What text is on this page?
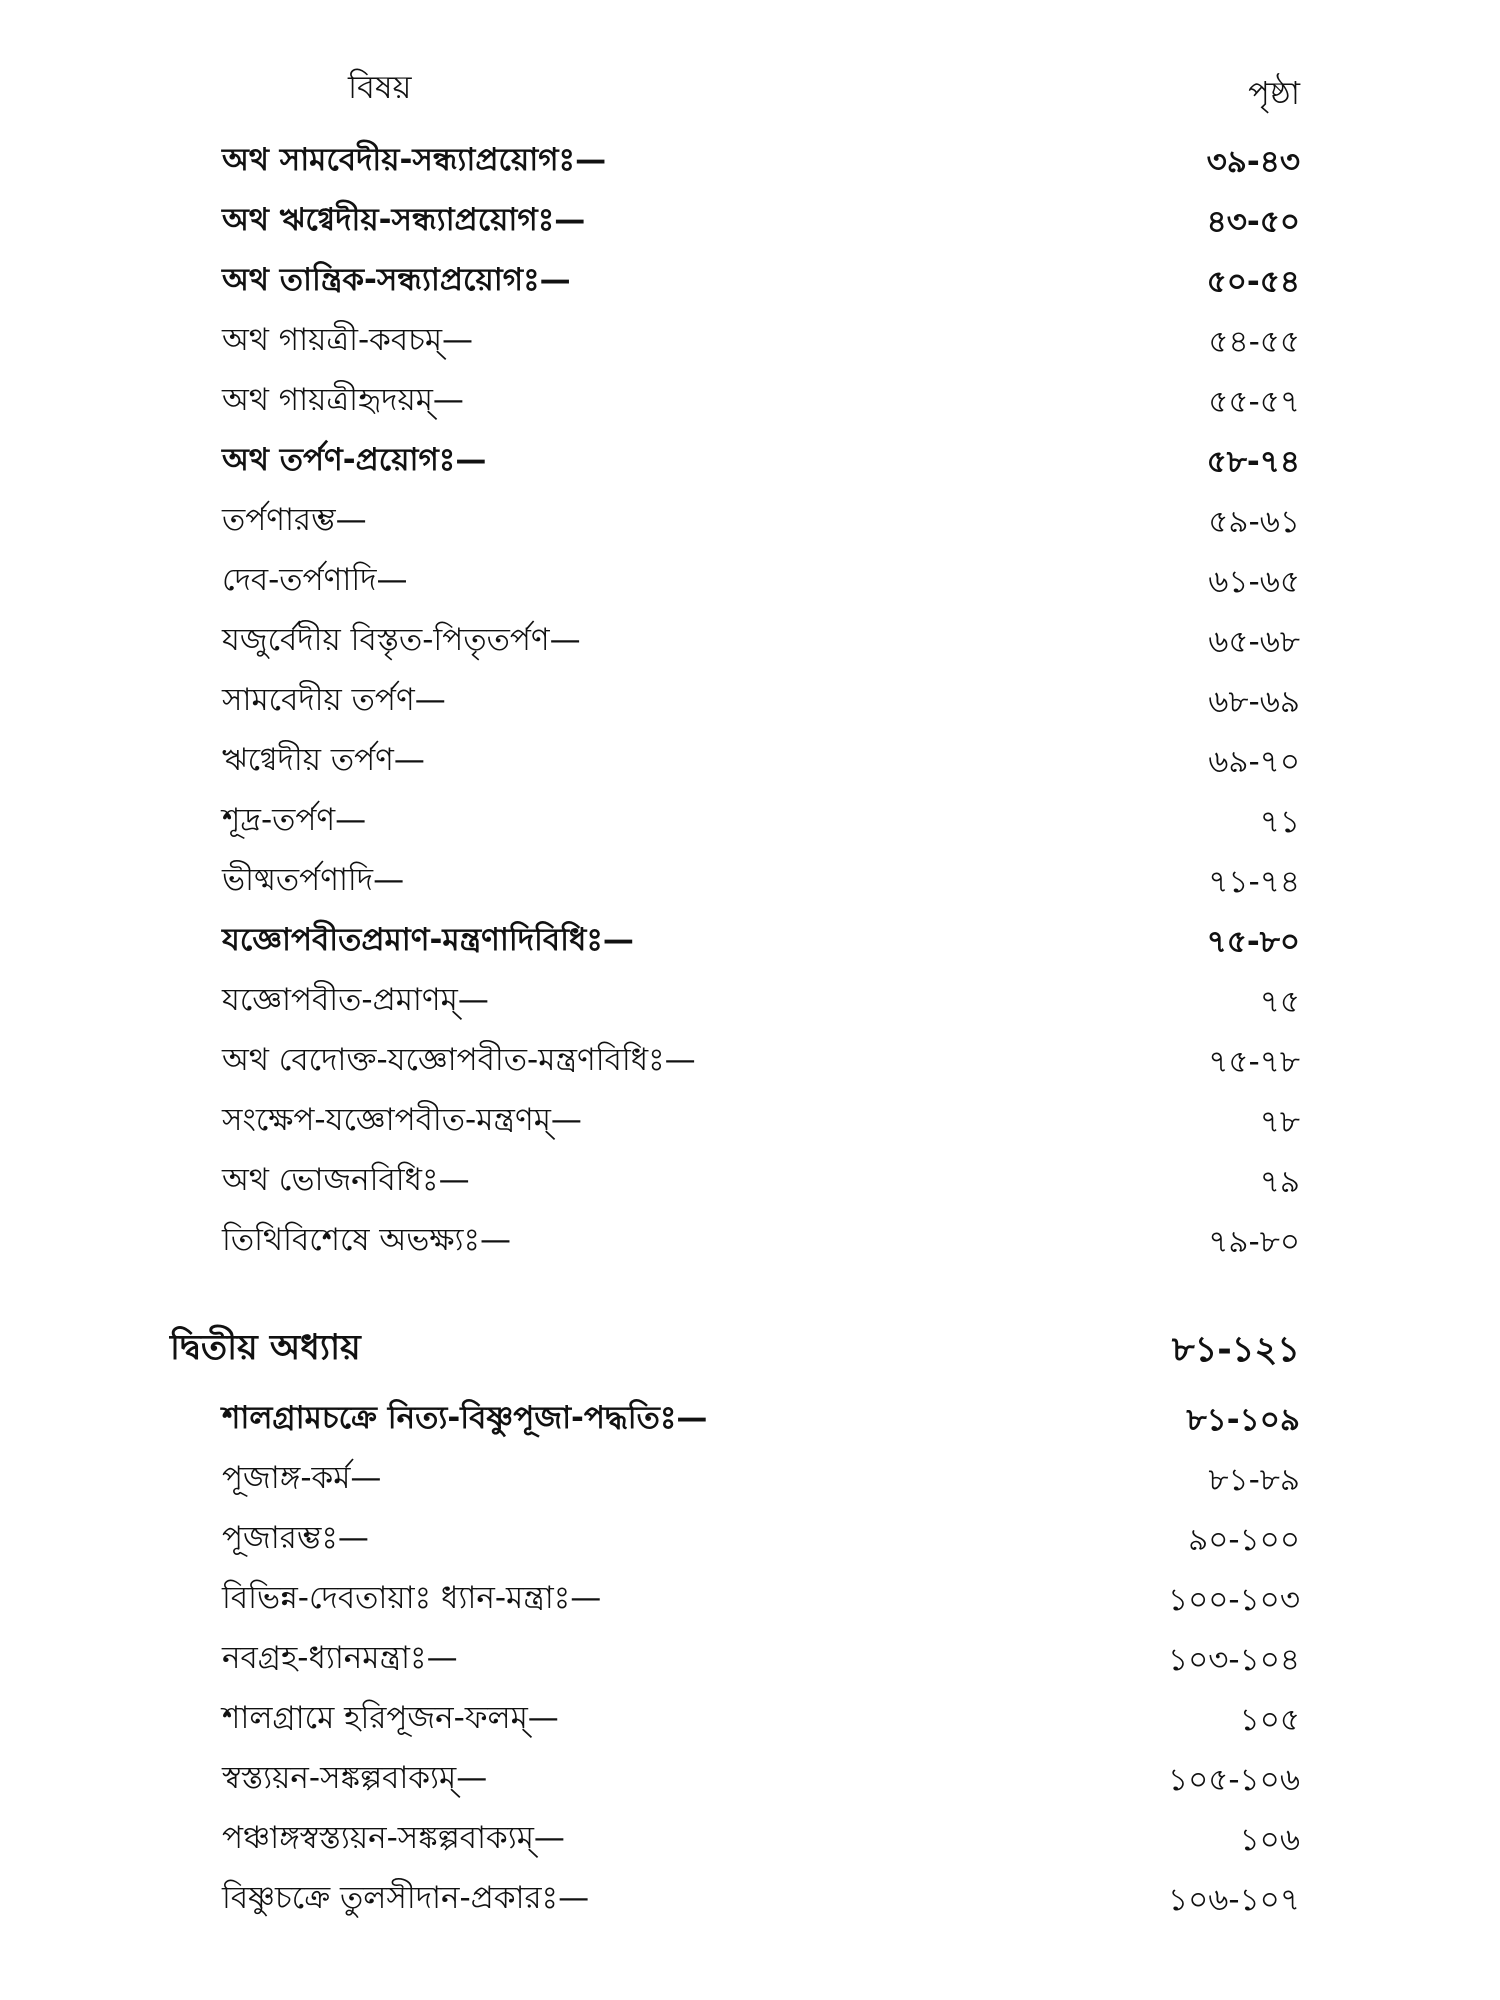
বিষয়	পৃষ্ঠা
অথ সামবেদীয়-সন্ধ্যাপ্রয়োগঃ—	৩৯-৪৩
অথ ঋগ্বেদীয়-সন্ধ্যাপ্রয়োগঃ—	৪৩-৫০
অথ তান্ত্রিক-সন্ধ্যাপ্রয়োগঃ—	৫০-৫৪
অথ গায়ত্রী-কবচম্—	৫৪-৫৫
অথ গায়ত্রীহৃদয়ম্—	৫৫-৫৭
অথ তর্পণ-প্রয়োগঃ—	৫৮-৭৪
তর্পণারম্ভ—	৫৯-৬১
দেব-তর্পণাদি—	৬১-৬৫
যজুর্বেদীয় বিস্তৃত-পিতৃতর্পণ—	৬৫-৬৮
সামবেদীয় তর্পণ—	৬৮-৬৯
ঋগ্বেদীয় তর্পণ—	৬৯-৭০
শূদ্র-তর্পণ—	৭১
ভীষ্মতর্পণাদি—	৭১-৭৪
যজ্ঞোপবীতপ্রমাণ-মন্ত্রণাদিবিধিঃ—	৭৫-৮০
যজ্ঞোপবীত-প্রমাণম্—	৭৫
অথ বেদোক্ত-যজ্ঞোপবীত-মন্ত্রণবিধিঃ—	৭৫-৭৮
সংক্ষেপ-যজ্ঞোপবীত-মন্ত্রণম্—	৭৮
অথ ভোজনবিধিঃ—	৭৯
তিথিবিশেষে অভক্ষ্যঃ—	৭৯-৮০
দ্বিতীয় অধ্যায়	৮১-১২১
শালগ্রামচক্রে নিত্য-বিষ্ণুপূজা-পদ্ধতিঃ—	৮১-১০৯
পূজাঙ্গ-কর্ম—	৮১-৮৯
পূজারম্ভঃ—	৯০-১০০
বিভিন্ন-দেবতায়াঃ ধ্যান-মন্ত্রাঃ—	১০০-১০৩
নবগ্রহ-ধ্যানমন্ত্রাঃ—	১০৩-১০৪
শালগ্রামে হরিপূজন-ফলম্—	১০৫
স্বস্ত্যয়ন-সঙ্কল্পবাক্যম্—	১০৫-১০৬
পঞ্চাঙ্গস্বস্ত্যয়ন-সঙ্কল্পবাক্যম্—	১০৬
বিষ্ণুচক্রে তুলসীদান-প্রকারঃ—	১০৬-১০৭
